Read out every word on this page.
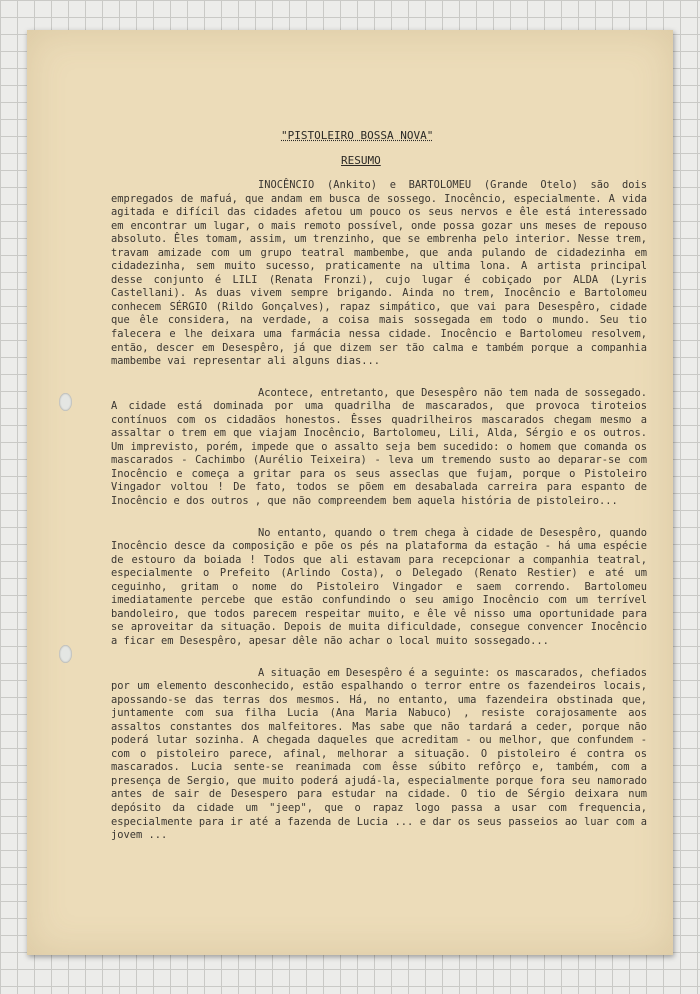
"PISTOLEIRO BOSSA NOVA"
RESUMO

INOCÊNCIO (Ankito) e BARTOLOMEU (Grande Otelo) são dois empregados de mafuá, que andam em busca de sossego. Inocêncio, especialmente. A vida agitada e difícil das cidades afetou um pouco os seus nervos e êle está interessado em encontrar um lugar, o mais remoto possível, onde possa gozar uns meses de repouso absoluto. Êles tomam, assim, um trenzinho, que se embrenha pelo interior. Nesse trem, travam amizade com um grupo teatral mambembe, que anda pulando de cidadezinha em cidadezinha, sem muito sucesso, praticamente na ultima lona. A artista principal desse conjunto é LILI (Renata Fronzi), cujo lugar é cobiçado por ALDA (Lyris Castellani). As duas vivem sempre brigando. Ainda no trem, Inocêncio e Bartolomeu conhecem SÉRGIO (Rildo Gonçalves), rapaz simpático, que vai para Desespêro, cidade que êle considera, na verdade, a coisa mais sossegada em todo o mundo. Seu tio falecera e lhe deixara uma farmácia nessa cidade. Inocêncio e Bartolomeu resolvem, então, descer em Desespêro, já que dizem ser tão calma e também porque a companhia mambembe vai representar ali alguns dias...

Acontece, entretanto, que Desespêro não tem nada de sossegado. A cidade está dominada por uma quadrilha de mascarados, que provoca tiroteios contínuos com os cidadãos honestos. Êsses quadrilheiros mascarados chegam mesmo a assaltar o trem em que viajam Inocêncio, Bartolomeu, Lili, Alda, Sérgio e os outros. Um imprevisto, porém, impede que o assalto seja bem sucedido: o homem que comanda os mascarados - Cachimbo (Aurélio Teixeira) - leva um tremendo susto ao deparar-se com Inocêncio e começa a gritar para os seus asseclas que fujam, porque o Pistoleiro Vingador voltou ! De fato, todos se põem em desabalada carreira para espanto de Inocêncio e dos outros , que não compreendem bem aquela história de pistoleiro...

No entanto, quando o trem chega à cidade de Desespêro, quando Inocêncio desce da composição e põe os pés na plataforma da estação - há uma espécie de estouro da boiada ! Todos que ali estavam para recepcionar a companhia teatral, especialmente o Prefeito (Arlindo Costa), o Delegado (Renato Restier) e até um ceguinho, gritam o nome do Pistoleiro Vingador e saem correndo. Bartolomeu imediatamente percebe que estão confundindo o seu amigo Inocêncio com um terrível bandoleiro, que todos parecem respeitar muito, e êle vê nisso uma oportunidade para se aproveitar da situação. Depois de muita dificuldade, consegue convencer Inocêncio a ficar em Desespêro, apesar dêle não achar o local muito sossegado...

A situação em Desespêro é a seguinte: os mascarados, chefiados por um elemento desconhecido, estão espalhando o terror entre os fazendeiros locais, apossando-se das terras dos mesmos. Há, no entanto, uma fazendeira obstinada que, juntamente com sua filha Lucia (Ana Maria Nabuco) , resiste corajosamente aos assaltos constantes dos malfeitores. Mas sabe que não tardará a ceder, porque não poderá lutar sozinha. A chegada daqueles que acreditam - ou melhor, que confundem - com o pistoleiro parece, afinal, melhorar a situação. O pistoleiro é contra os mascarados. Lucia sente-se reanimada com êsse súbito refôrço e, também, com a presença de Sergio, que muito poderá ajudá-la, especialmente porque fora seu namorado antes de sair de Desespero para estudar na cidade. O tio de Sérgio deixara num depósito da cidade um "jeep", que o rapaz logo passa a usar com frequencia, especialmente para ir até a fazenda de Lucia ... e dar os seus passeios ao luar com a jovem ...
